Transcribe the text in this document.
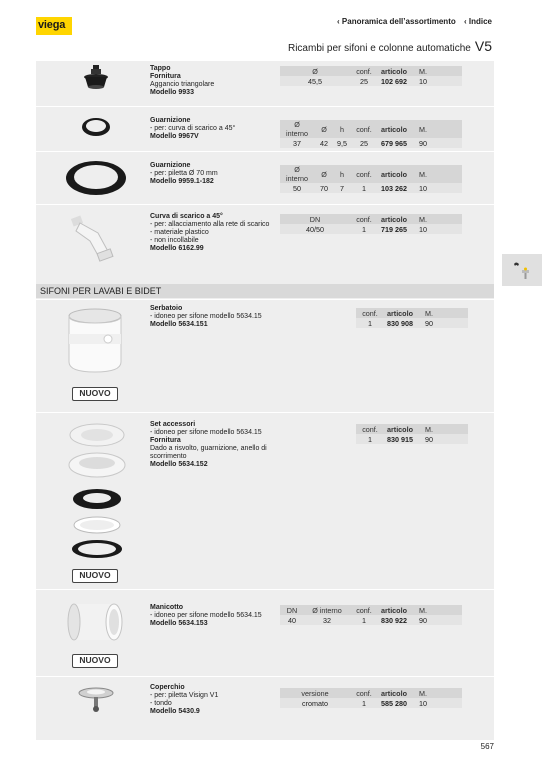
viega	‹ Panoramica dell’assortimento ‹ Indice
Ricambi per sifoni e colonne automatiche V5
Tappo
Fornitura
Aggancio triangolare
Modello 9933
Ø	conf.	articolo	M.
45,5	25	102 692	10
Guarnizione
- per: curva di scarico a 45°
Modello 9967V
Ø interno	Ø	h	conf.	articolo	M.
37	42	9,5	25	679 965	90
Guarnizione
- per: piletta Ø 70 mm
Modello 9959.1-182
Ø interno	Ø	h	conf.	articolo	M.
50	70	7	1	103 262	10
Curva di scarico a 45°
- per: allacciamento alla rete di scarico
- materiale plastico
- non incollabile
Modello 6162.99
DN	conf.	articolo	M.
40/50	1	719 265	10
SIFONI PER LAVABI E BIDET
NUOVO
Serbatoio
- idoneo per sifone modello 5634.15
Modello 5634.151
conf.	articolo	M.
1	830 908	90
NUOVO
Set accessori
- idoneo per sifone modello 5634.15
Fornitura
Dado a risvolto, guarnizione, anello di scorrimento
Modello 5634.152
conf.	articolo	M.
1	830 915	90
NUOVO
Manicotto
- idoneo per sifone modello 5634.15
Modello 5634.153
DN	Ø interno	conf.	articolo	M.
40	32	1	830 922	90
Coperchio
- per: piletta Visign V1
- tondo
Modello 5430.9
versione	conf.	articolo	M.
cromato	1	585 280	10
567
